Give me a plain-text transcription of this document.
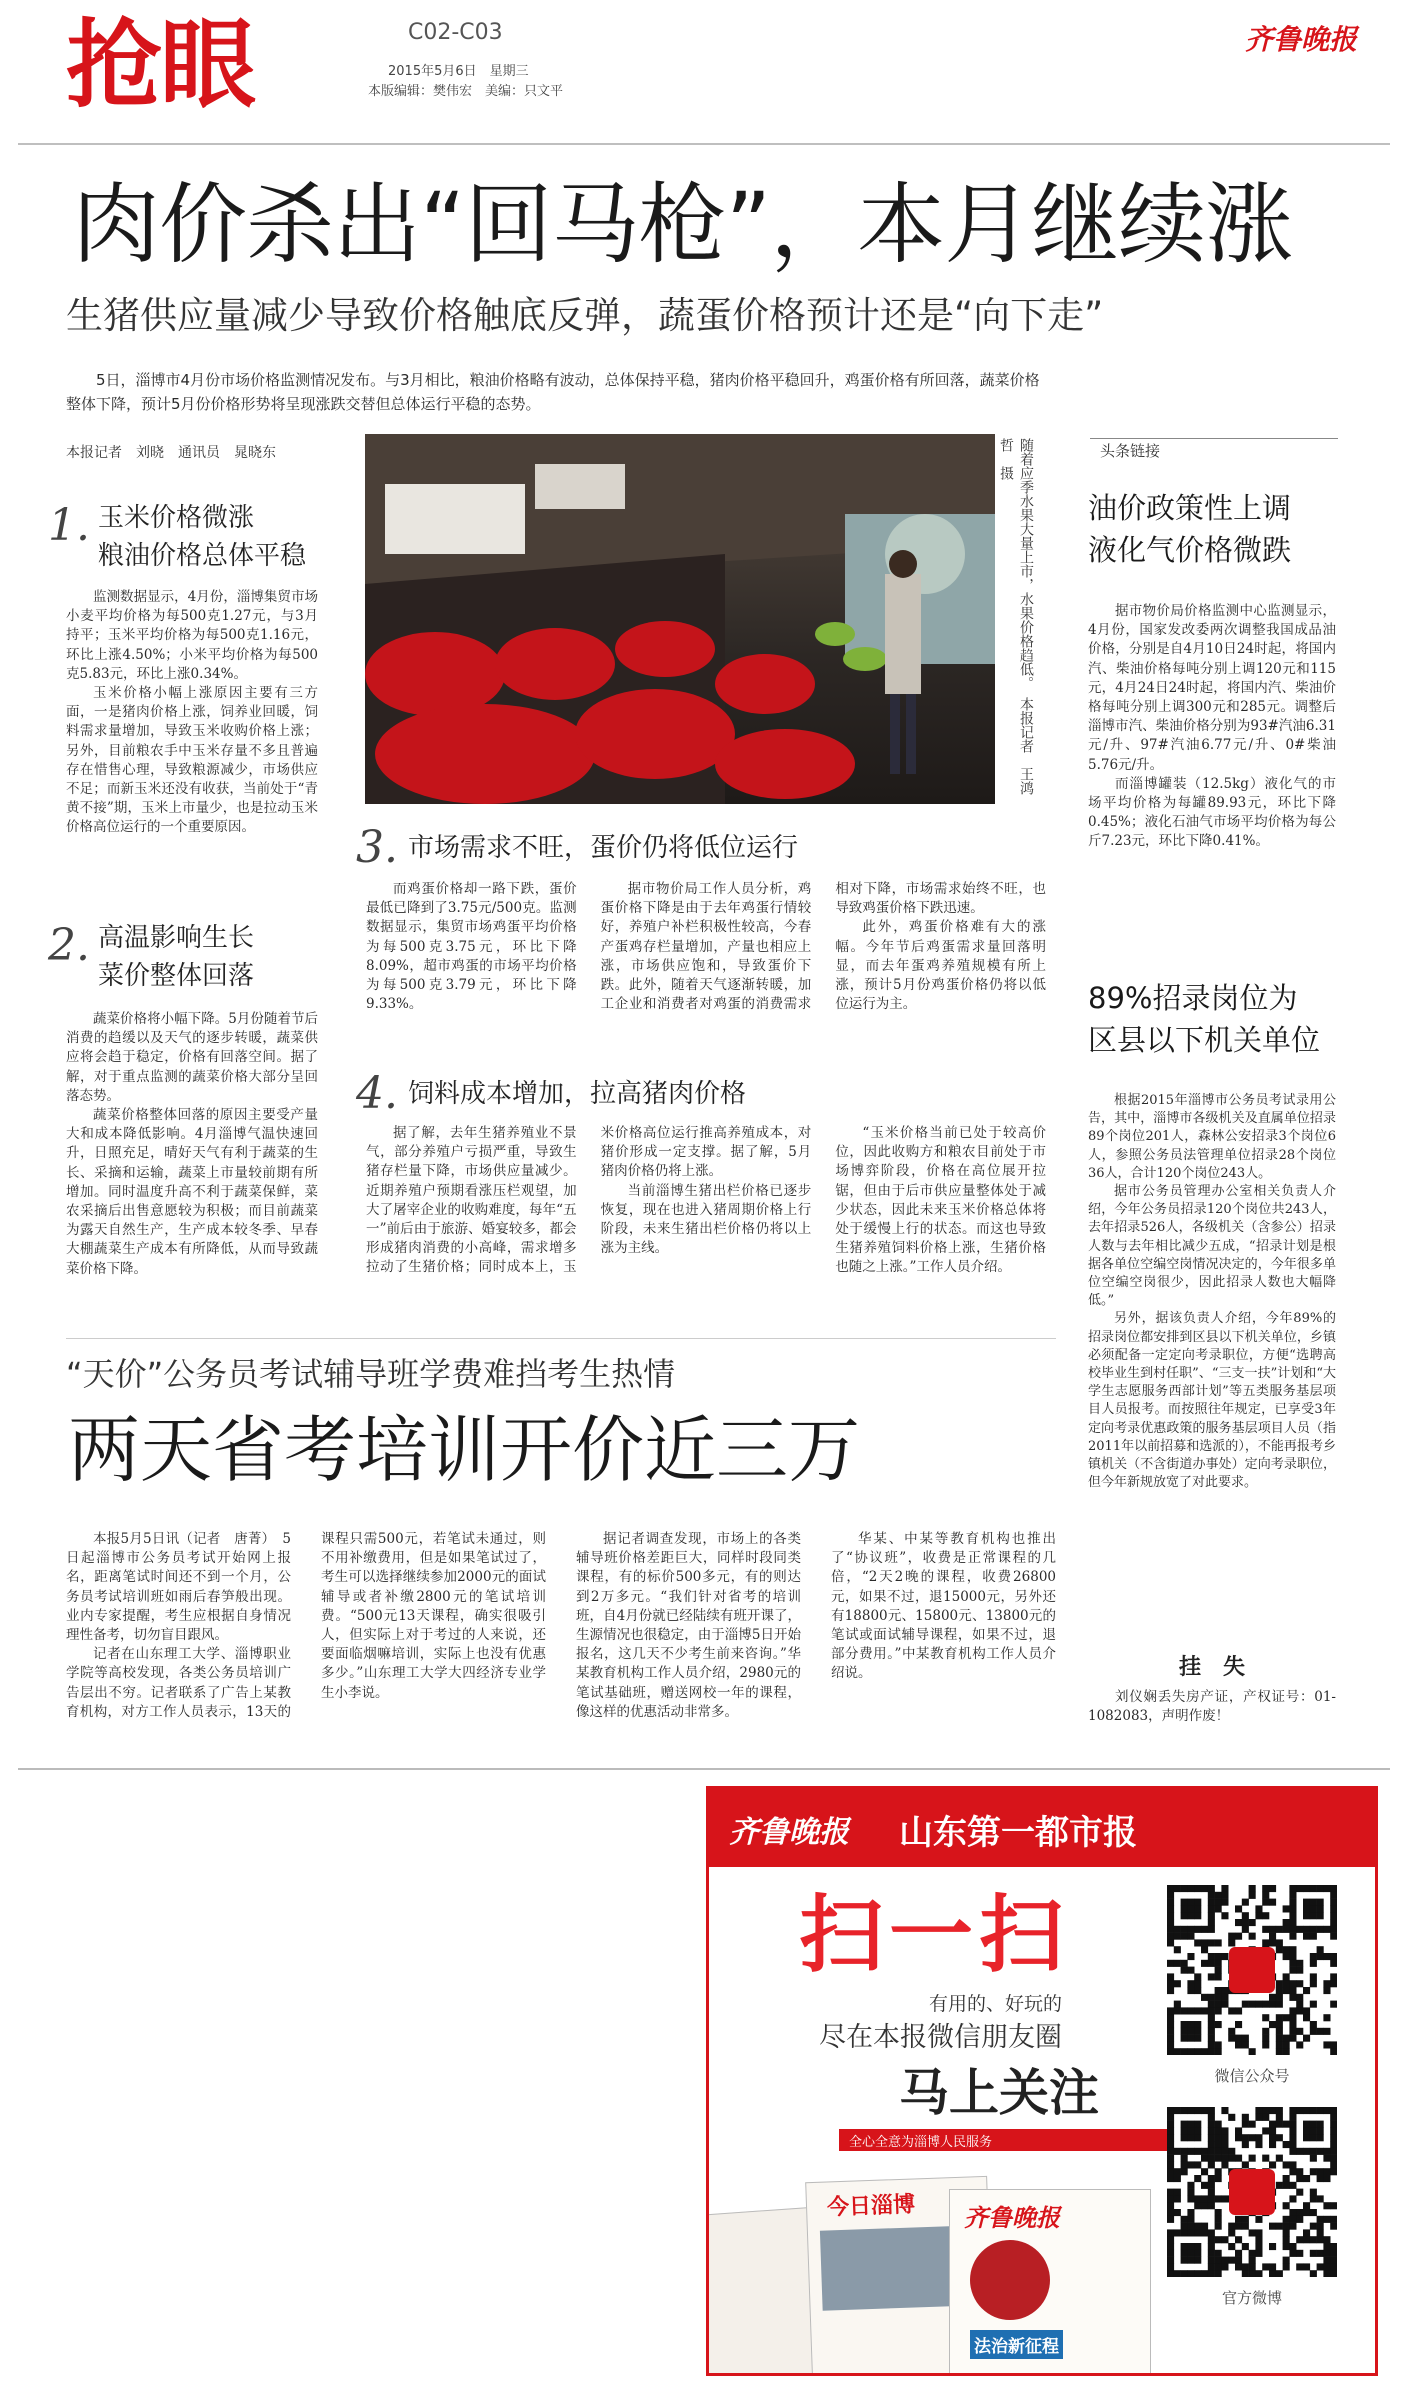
抢眼	C02-C03
2015年5月6日　星期三
本版编辑：樊伟宏　美编：只文平
齐鲁晚报
肉价杀出“回马枪”，本月继续涨
生猪供应量减少导致价格触底反弹，蔬蛋价格预计还是“向下走”
5日，淄博市4月份市场价格监测情况发布。与3月相比，粮油价格略有波动，总体保持平稳，猪肉价格平稳回升，鸡蛋价格有所回落，蔬菜价格整体下降，预计5月份价格形势将呈现涨跌交替但总体运行平稳的态势。
本报记者　刘晓　通讯员　晁晓东	随着应季水果大量上市，水果价格趋低。　本报记者　王鸿哲　摄
1. 玉米价格微涨
粮油价格总体平稳

监测数据显示，4月份，淄博集贸市场小麦平均价格为每500克1.27元，与3月持平；玉米平均价格为每500克1.16元，环比上涨4.50%；小米平均价格为每500克5.83元，环比上涨0.34%。

玉米价格小幅上涨原因主要有三方面，一是猪肉价格上涨，饲养业回暖，饲料需求量增加，导致玉米收购价格上涨；另外，目前粮农手中玉米存量不多且普遍存在惜售心理，导致粮源减少，市场供应不足；而新玉米还没有收获，当前处于“青黄不接”期，玉米上市量少，也是拉动玉米价格高位运行的一个重要原因。

2. 高温影响生长
菜价整体回落

蔬菜价格将小幅下降。5月份随着节后消费的趋缓以及天气的逐步转暖，蔬菜供应将会趋于稳定，价格有回落空间。据了解，对于重点监测的蔬菜价格大部分呈回落态势。

蔬菜价格整体回落的原因主要受产量大和成本降低影响。4月淄博气温快速回升，日照充足，晴好天气有利于蔬菜的生长、采摘和运输，蔬菜上市量较前期有所增加。同时温度升高不利于蔬菜保鲜，菜农采摘后出售意愿较为积极；而目前蔬菜为露天自然生产，生产成本较冬季、早春大棚蔬菜生产成本有所降低，从而导致蔬菜价格下降。

3. 市场需求不旺，蛋价仍将低位运行

而鸡蛋价格却一路下跌，蛋价最低已降到了3.75元/500克。监测数据显示，集贸市场鸡蛋平均价格为每500克3.75元，环比下降8.09%，超市鸡蛋的市场平均价格为每500克3.79元，环比下降9.33%。

据市物价局工作人员分析，鸡蛋价格下降是由于去年鸡蛋行情较好，养殖户补栏积极性较高，今春产蛋鸡存栏量增加，产量也相应上涨，市场供应饱和，导致蛋价下跌。此外，随着天气逐渐转暖，加工企业和消费者对鸡蛋的消费需求相对下降，市场需求始终不旺，也导致鸡蛋价格下跌迅速。

此外，鸡蛋价格难有大的涨幅。今年节后鸡蛋需求量回落明显，而去年蛋鸡养殖规模有所上涨，预计5月份鸡蛋价格仍将以低位运行为主。

4. 饲料成本增加，拉高猪肉价格

据了解，去年生猪养殖业不景气，部分养殖户亏损严重，导致生猪存栏量下降，市场供应量减少。近期养殖户预期看涨压栏观望，加大了屠宰企业的收购难度，每年“五一”前后由于旅游、婚宴较多，都会形成猪肉消费的小高峰，需求增多拉动了生猪价格；同时成本上，玉米价格高位运行推高养殖成本，对猪价形成一定支撑。据了解，5月猪肉价格仍将上涨。

当前淄博生猪出栏价格已逐步恢复，现在也进入猪周期价格上行阶段，未来生猪出栏价格仍将以上涨为主线。

“玉米价格当前已处于较高价位，因此收购方和粮农目前处于市场博弈阶段，价格在高位展开拉锯，但由于后市供应量整体处于减少状态，因此未来玉米价格总体将处于缓慢上行的状态。而这也导致生猪养殖饲料价格上涨，生猪价格也随之上涨。”工作人员介绍。

“天价”公务员考试辅导班学费难挡考生热情
两天省考培训开价近三万

本报5月5日讯（记者　唐菁）　5日起淄博市公务员考试开始网上报名，距离笔试时间还不到一个月，公务员考试培训班如雨后春笋般出现。业内专家提醒，考生应根据自身情况理性备考，切勿盲目跟风。

记者在山东理工大学、淄博职业学院等高校发现，各类公务员培训广告层出不穷。记者联系了广告上某教育机构，对方工作人员表示，13天的课程只需500元，若笔试未通过，则不用补缴费用，但是如果笔试过了，考生可以选择继续参加2000元的面试辅导或者补缴2800元的笔试培训费。“500元13天课程，确实很吸引人，但实际上对于考过的人来说，还要面临烟嘛培训，实际上也没有优惠多少。”山东理工大学大四经济专业学生小李说。

据记者调查发现，市场上的各类辅导班价格差距巨大，同样时段同类课程，有的标价500多元，有的则达到2万多元。“我们针对省考的培训班，自4月份就已经陆续有班开课了，生源情况也很稳定，由于淄博5日开始报名，这几天不少考生前来咨询。”华某教育机构工作人员介绍，2980元的笔试基础班，赠送网校一年的课程，像这样的优惠活动非常多。

华某、中某等教育机构也推出了“协议班”，收费是正常课程的几倍，“2天2晚的课程，收费26800元，如果不过，退15000元，另外还有18800元、15800元、13800元的笔试或面试辅导课程，如果不过，退部分费用。”中某教育机构工作人员介绍说。

头条链接
油价政策性上调
液化气价格微跌

据市物价局价格监测中心监测显示，4月份，国家发改委两次调整我国成品油价格，分别是自4月10日24时起，将国内汽、柴油价格每吨分别上调120元和115元，4月24日24时起，将国内汽、柴油价格每吨分别上调300元和285元。调整后淄博市汽、柴油价格分别为93#汽油6.31元/升、97#汽油6.77元/升、0#柴油5.76元/升。

而淄博罐装（12.5kg）液化气的市场平均价格为每罐89.93元，环比下降0.45%；液化石油气市场平均价格为每公斤7.23元，环比下降0.41%。

89%招录岗位为
区县以下机关单位

根据2015年淄博市公务员考试录用公告，其中，淄博市各级机关及直属单位招录89个岗位201人，森林公安招录3个岗位6人，参照公务员法管理单位招录28个岗位36人，合计120个岗位243人。

据市公务员管理办公室相关负责人介绍，今年公务员招录120个岗位共243人，去年招录526人，各级机关（含参公）招录人数与去年相比减少五成，“招录计划是根据各单位空编空岗情况决定的，今年很多单位空编空岗很少，因此招录人数也大幅降低。”

另外，据该负责人介绍，今年89%的招录岗位都安排到区县以下机关单位，乡镇必须配备一定定向考录职位，方便“选聘高校毕业生到村任职”、“三支一扶”计划和“大学生志愿服务西部计划”等五类服务基层项目人员报考。而按照往年规定，已享受3年定向考录优惠政策的服务基层项目人员（指2011年以前招募和选派的），不能再报考乡镇机关（不含街道办事处）定向考录职位，但今年新规放宽了对此要求。

挂　失

刘仪娴丢失房产证，产权证号：01-1082083，声明作废！

齐鲁晚报 山东第一都市报
扫一扫
有用的、好玩的
尽在本报微信朋友圈
马上关注
全心全意为淄博人民服务
今日淄博 齐鲁晚报
法治新征程
微信公众号
官方微博
